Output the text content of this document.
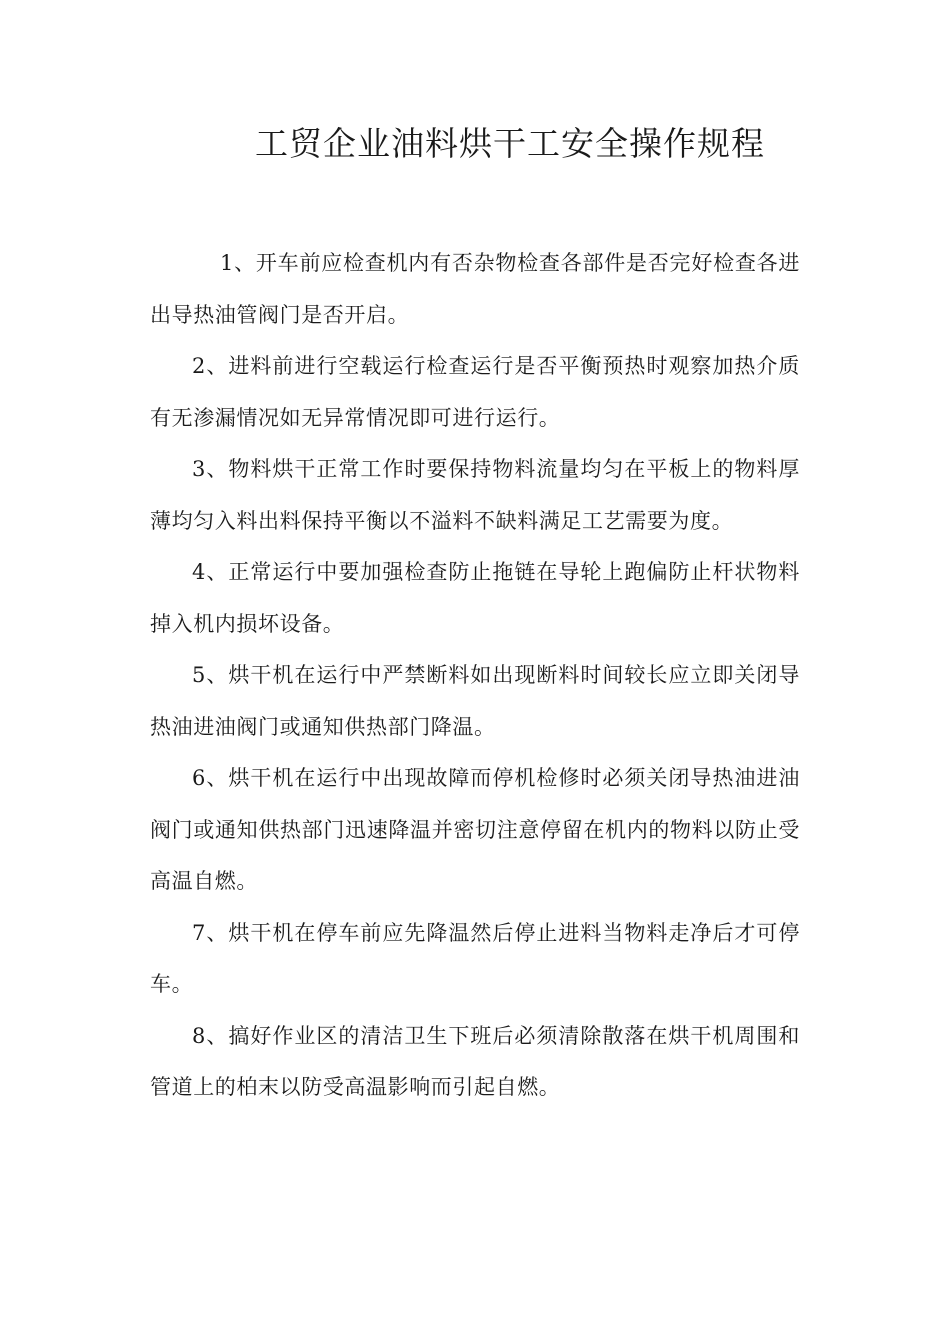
工贸企业油料烘干工安全操作规程

1、开车前应检查机内有否杂物检查各部件是否完好检查各进出导热油管阀门是否开启。

2、进料前进行空载运行检查运行是否平衡预热时观察加热介质有无渗漏情况如无异常情况即可进行运行。

3、物料烘干正常工作时要保持物料流量均匀在平板上的物料厚薄均匀入料出料保持平衡以不溢料不缺料满足工艺需要为度。

4、正常运行中要加强检查防止拖链在导轮上跑偏防止杆状物料掉入机内损坏设备。

5、烘干机在运行中严禁断料如出现断料时间较长应立即关闭导热油进油阀门或通知供热部门降温。

6、烘干机在运行中出现故障而停机检修时必须关闭导热油进油阀门或通知供热部门迅速降温并密切注意停留在机内的物料以防止受高温自燃。

7、烘干机在停车前应先降温然后停止进料当物料走净后才可停车。

8、搞好作业区的清洁卫生下班后必须清除散落在烘干机周围和管道上的柏末以防受高温影响而引起自燃。
